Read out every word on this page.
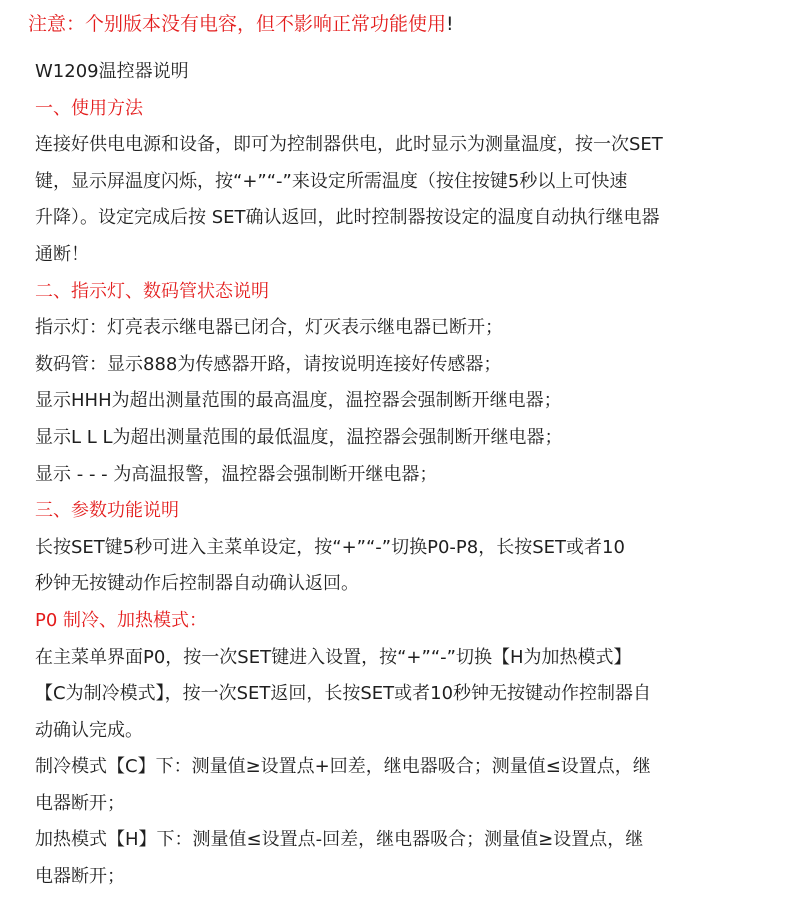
注意：个别版本没有电容，但不影响正常功能使用!
W1209温控器说明
一、使用方法
连接好供电电源和设备，即可为控制器供电，此时显示为测量温度，按一次SET
键，显示屏温度闪烁，按“+”“-”来设定所需温度（按住按键5秒以上可快速
升降）。设定完成后按 SET确认返回，此时控制器按设定的温度自动执行继电器
通断！
二、指示灯、数码管状态说明
指示灯：灯亮表示继电器已闭合，灯灭表示继电器已断开；
数码管：显示888为传感器开路，请按说明连接好传感器；
显示HHH为超出测量范围的最高温度，温控器会强制断开继电器；
显示L L L为超出测量范围的最低温度，温控器会强制断开继电器；
显示 - - - 为高温报警，温控器会强制断开继电器；
三、参数功能说明
长按SET键5秒可进入主菜单设定，按“+”“-”切换P0-P8，长按SET或者10
秒钟无按键动作后控制器自动确认返回。
P0 制冷、加热模式：
在主菜单界面P0，按一次SET键进入设置，按“+”“-”切换【H为加热模式】
【C为制冷模式】，按一次SET返回，长按SET或者10秒钟无按键动作控制器自
动确认完成。
制冷模式【C】下：测量值≥设置点+回差，继电器吸合；测量值≤设置点，继
电器断开；
加热模式【H】下：测量值≤设置点-回差，继电器吸合；测量值≥设置点，继
电器断开；
